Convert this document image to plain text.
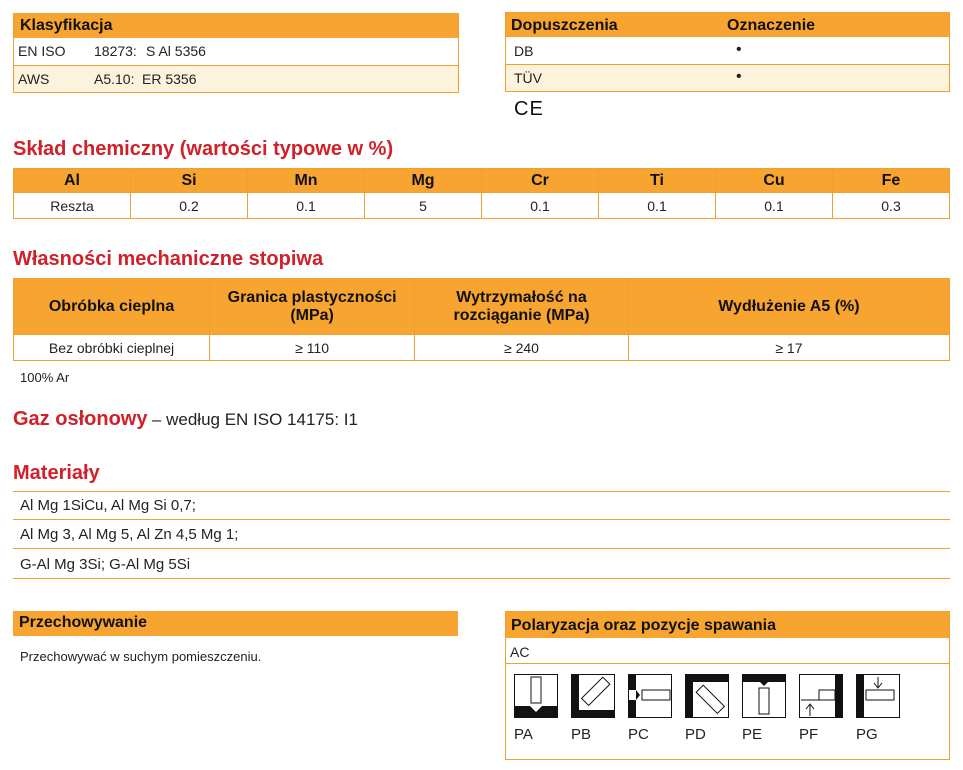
Klasyfikacja
EN ISO 18273: S Al 5356
AWS	A5.10: ER 5356
Dopuszczenia	Oznaczenie
DB	•
TÜV	•
CE
Skład chemiczny (wartości typowe w %)
Al	Si	Mn	Mg	Cr	Ti	Cu	Fe
Reszta	0.2	0.1	5	0.1	0.1	0.1	0.3
Własności mechaniczne stopiwa
Obróbka cieplna	Granica plastyczności (MPa)	Wytrzymałość na rozciąganie (MPa)	Wydłużenie A5 (%)
Bez obróbki cieplnej	≥ 110	≥ 240	≥ 17
100% Ar
Gaz osłonowy – według EN ISO 14175: I1
Materiały
Al Mg 1SiCu, Al Mg Si 0,7;
Al Mg 3, Al Mg 5, Al Zn 4,5 Mg 1;
G-Al Mg 3Si; G-Al Mg 5Si
Przechowywanie
Przechowywać w suchym pomieszczeniu.
Polaryzacja oraz pozycje spawania
AC
PA	PB PC PD PE PF	PG
